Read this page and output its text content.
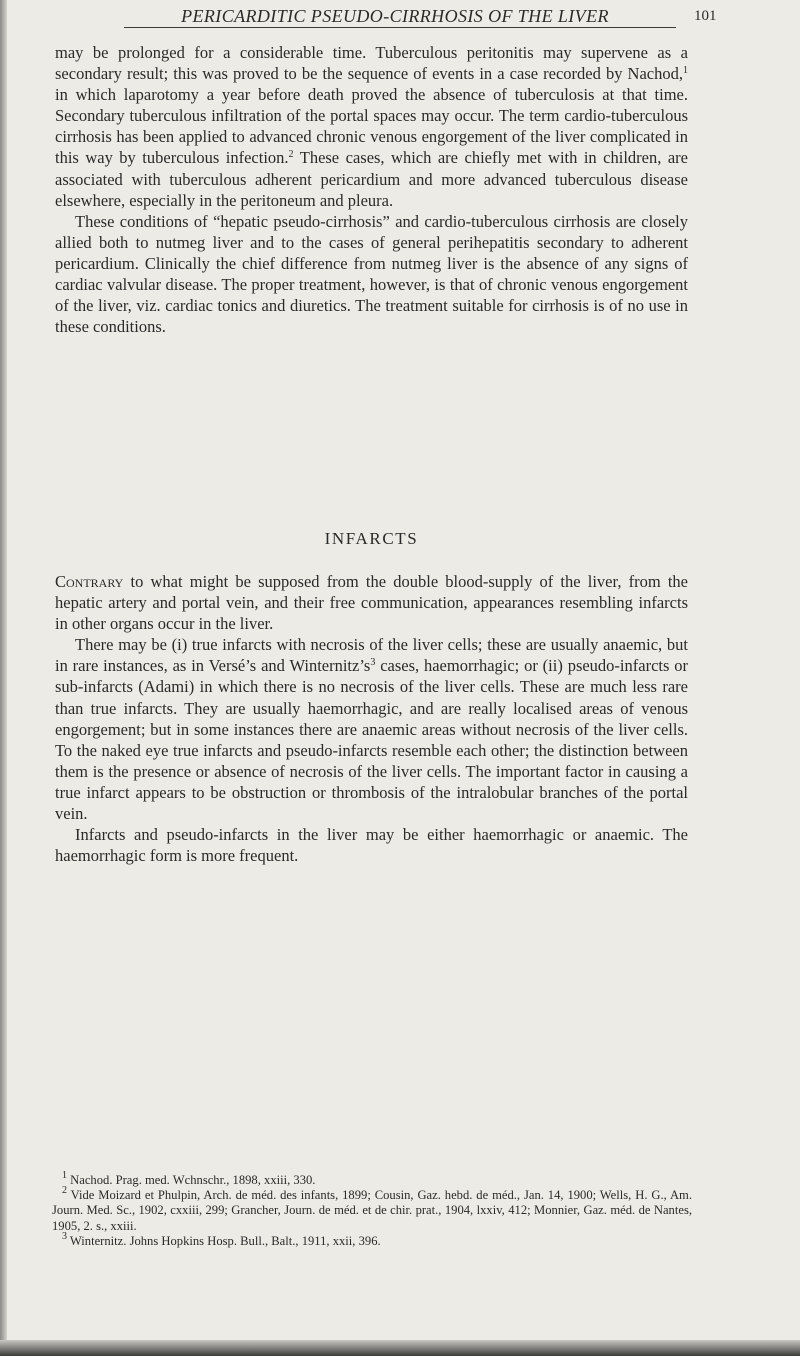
PERICARDITIC PSEUDO-CIRRHOSIS OF THE LIVER	101

may be prolonged for a considerable time. Tuberculous peritonitis may supervene as a secondary result; this was proved to be the sequence of events in a case recorded by Nachod,$^1$ in which laparotomy a year before death proved the absence of tuberculosis at that time. Secondary tuberculous infiltration of the portal spaces may occur. The term cardio-tuberculous cirrhosis has been applied to advanced chronic venous engorgement of the liver complicated in this way by tuberculous infection.$^2$ These cases, which are chiefly met with in children, are associated with tuberculous adherent pericardium and more advanced tuberculous disease elsewhere, especially in the peritoneum and pleura.

These conditions of “hepatic pseudo-cirrhosis” and cardio-tuberculous cirrhosis are closely allied both to nutmeg liver and to the cases of general perihepatitis secondary to adherent pericardium. Clinically the chief difference from nutmeg liver is the absence of any signs of cardiac valvular disease. The proper treatment, however, is that of chronic venous engorgement of the liver, viz. cardiac tonics and diuretics. The treatment suitable for cirrhosis is of no use in these conditions.

INFARCTS

Contrary to what might be supposed from the double blood-supply of the liver, from the hepatic artery and portal vein, and their free communication, appearances resembling infarcts in other organs occur in the liver.

There may be (i) true infarcts with necrosis of the liver cells; these are usually anaemic, but in rare instances, as in Versé’s and $Winternitz’s^3$ cases, haemorrhagic; or (ii) pseudo-infarcts or sub-infarcts (Adami) in which there is no necrosis of the liver cells. These are much less rare than true infarcts. They are usually haemorrhagic, and are really localised areas of venous engorgement; but in some instances there are anaemic areas without necrosis of the liver cells. To the naked eye true infarcts and pseudo-infarcts resemble each other; the distinction between them is the presence or absence of necrosis of the liver cells. The important factor in causing a true infarct appears to be obstruction or thrombosis of the intralobular branches of the portal vein.

Infarcts and pseudo-infarcts in the liver may be either haemorrhagic or anaemic. The haemorrhagic form is more frequent.

$^1$ Nachod. Prag. med. Wchnschr., 1898, xxiii, 330.

$^2$ Vide Moizard et Phulpin, Arch. de méd. des infants, 1899; Cousin, Gaz. hebd. de méd., Jan. 14, 1900; Wells, H. G., Am. Journ. Med. Sc., 1902, cxxiii, 299; Grancher, Journ. de méd. et de chir. prat., 1904, lxxiv, 412; Monnier, Gaz. méd. de Nantes, 1905, 2. s., xxiii.

$^3$ Winternitz. Johns Hopkins Hosp. Bull., Balt., 1911, xxii, 396.
